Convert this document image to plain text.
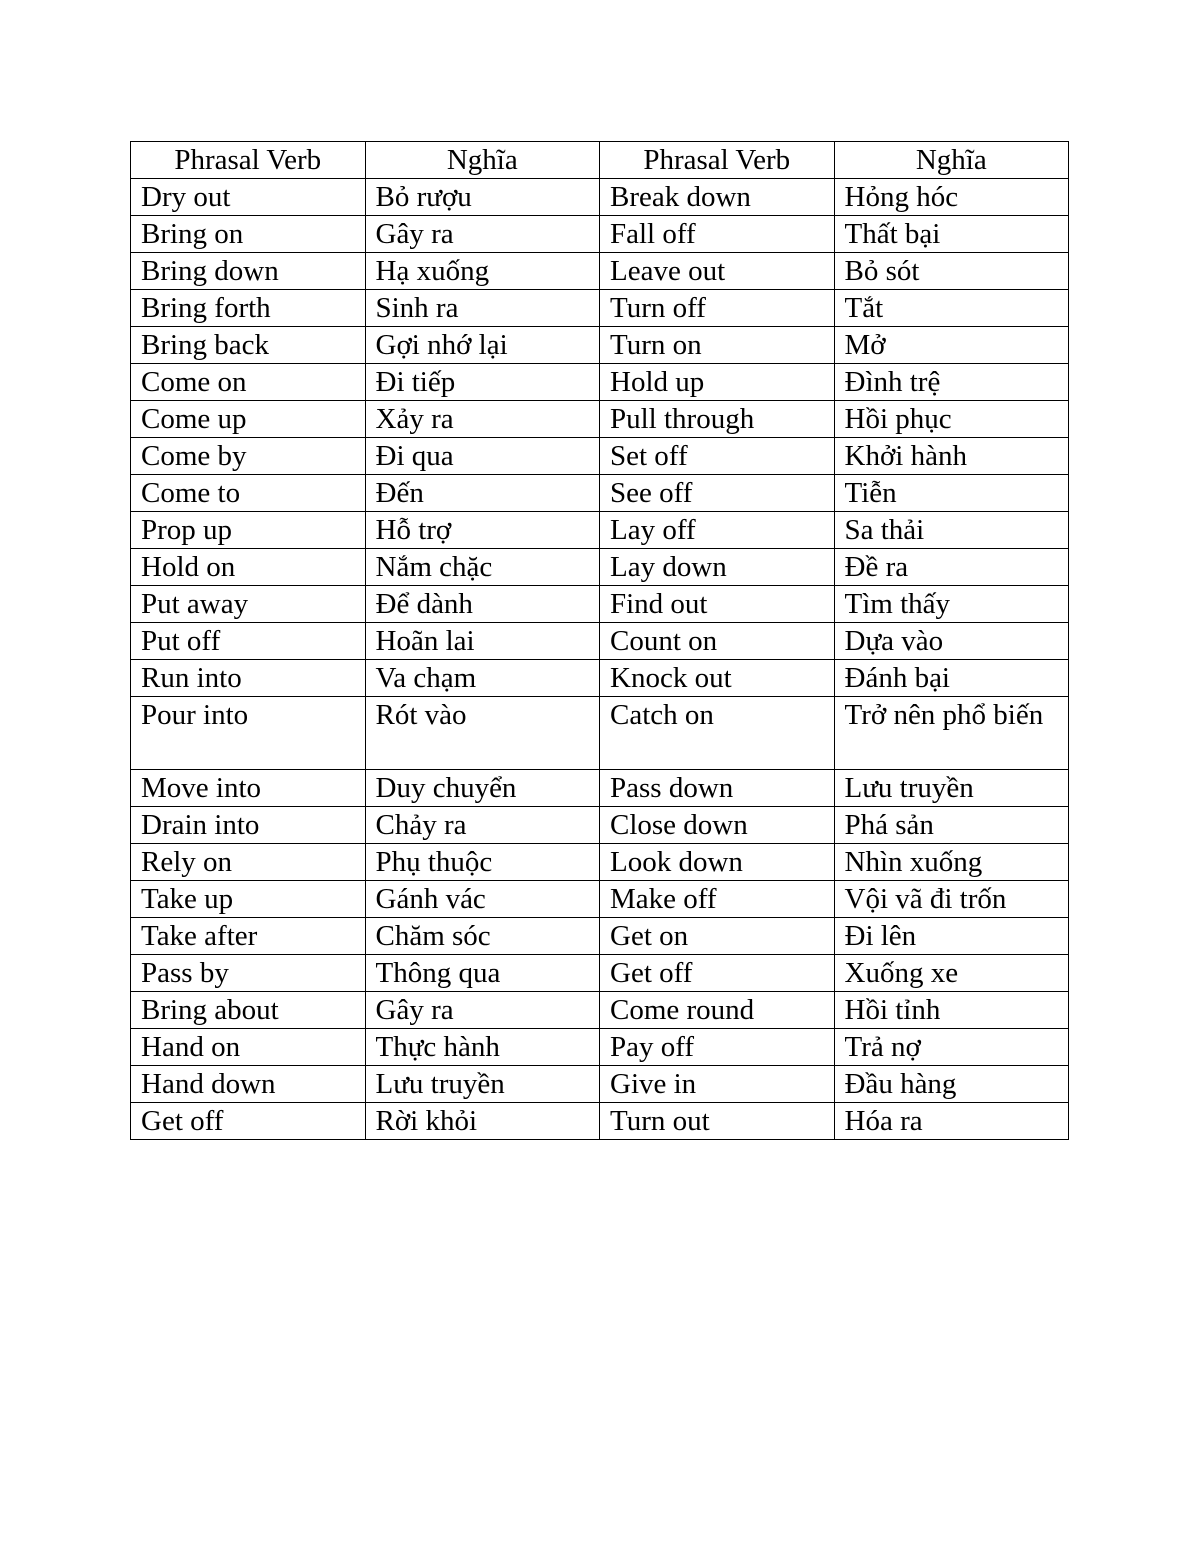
Phrasal Verb	Nghĩa	Phrasal Verb	Nghĩa
Dry out	Bỏ rượu	Break down	Hỏng hóc
Bring on	Gây ra	Fall off	Thất bại
Bring down	Hạ xuống	Leave out	Bỏ sót
Bring forth	Sinh ra	Turn off	Tắt
Bring back	Gợi nhớ lại	Turn on	Mở
Come on	Đi tiếp	Hold up	Đình trệ
Come up	Xảy ra	Pull through	Hồi phục
Come by	Đi qua	Set off	Khởi hành
Come to	Đến	See off	Tiễn
Prop up	Hỗ trợ	Lay off	Sa thải
Hold on	Nắm chặc	Lay down	Đề ra
Put away	Để dành	Find out	Tìm thấy
Put off	Hoãn lai	Count on	Dựa vào
Run into	Va chạm	Knock out	Đánh bại
Pour into	Rót vào	Catch on	Trở nên phổ biến
Move into	Duy chuyển	Pass down	Lưu truyền
Drain into	Chảy ra	Close down	Phá sản
Rely on	Phụ thuộc	Look down	Nhìn xuống
Take up	Gánh vác	Make off	Vội vã đi trốn
Take after	Chăm sóc	Get on	Đi lên
Pass by	Thông qua	Get off	Xuống xe
Bring about	Gây ra	Come round	Hồi tỉnh
Hand on	Thực hành	Pay off	Trả nợ
Hand down	Lưu truyền	Give in	Đầu hàng
Get off	Rời khỏi	Turn out	Hóa ra
